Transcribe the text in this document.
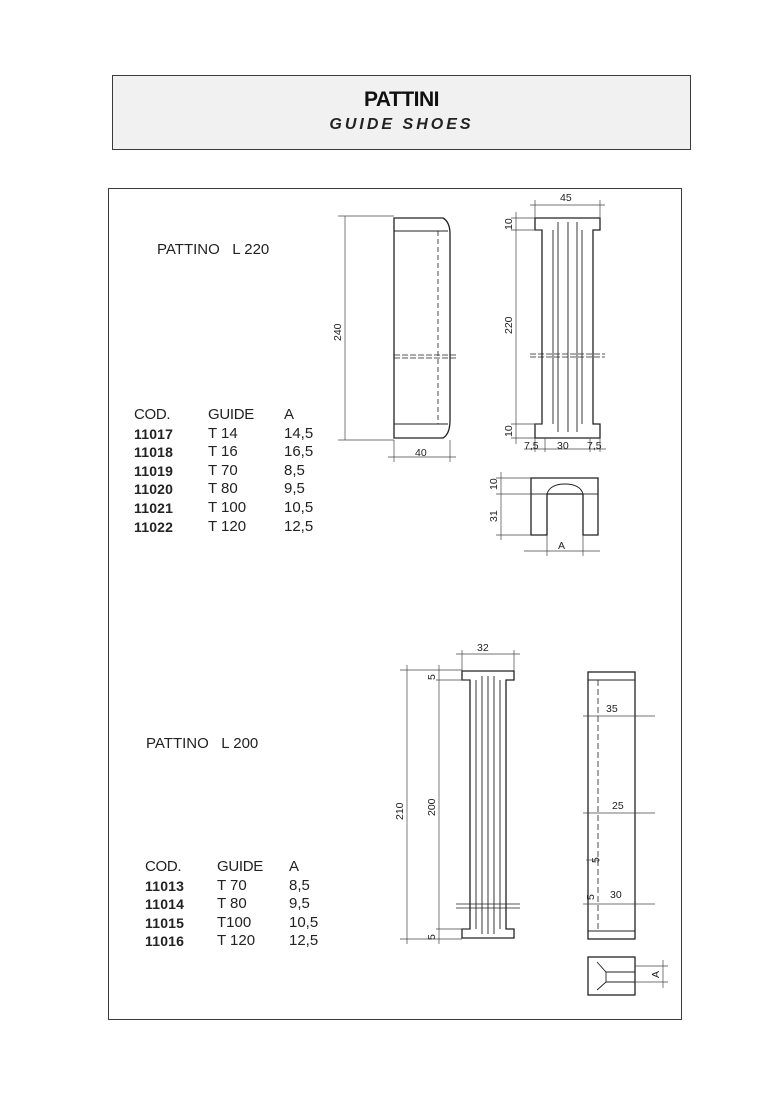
PATTINI
GUIDE SHOES
PATTINO   L 220
COD.	GUIDE	A
11017	T 14	14,5
11018	T 16	16,5
11019	T 70	8,5
11020	T 80	9,5
11021	T 100	10,5
11022	T 120	12,5
PATTINO   L 200
COD.	GUIDE	A
11013	T 70	8,5
11014	T 80	9,5
11015	T100	10,5
11016	T 120	12,5
240
40
45
10
220
10
7,5 30 7,5
10
31
A
32
5
210 200
5
35
25
5
30
5
A
